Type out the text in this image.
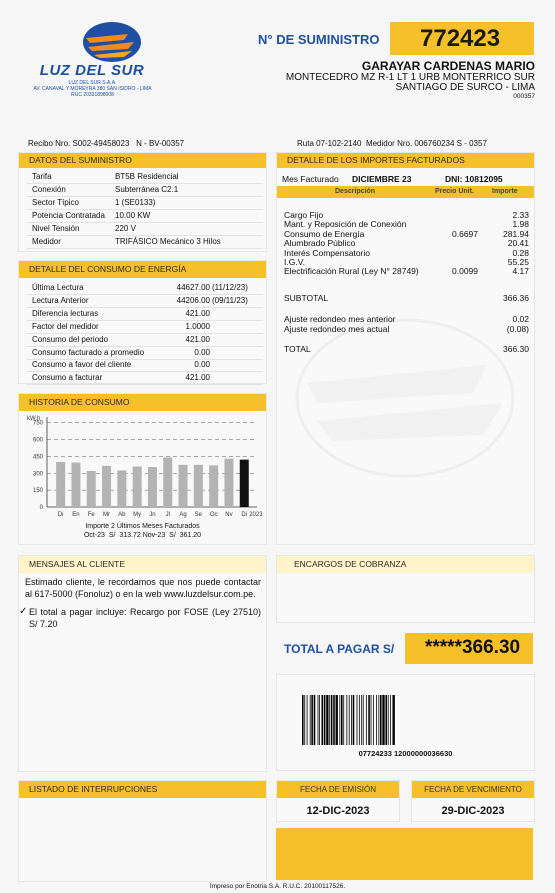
LUZ DEL SUR
LUZ DEL SUR S.A.A.
AV. CANAVAL Y MOREYRA 380 SAN ISIDRO - LIMA
RUC 20331898008
N° DE SUMINISTRO 772423
GARAYAR CARDENAS MARIO
MONTECEDRO MZ R-1 LT 1 URB MONTERRICO SUR
SANTIAGO DE SURCO - LIMA
000357
Recibo Nro. S002-49458023   N - BV-00357	Ruta 07-102-2140  Medidor Nro. 006760234 S - 0357
DATOS DEL SUMINISTRO
Tarifa	BT5B Residencial
Conexión	Subterránea C2.1
Sector Típico	1 (SE0133)
Potencia Contratada 10.00 KW
Nivel Tensión	220 V
Medidor	TRIFÁSICO Mecánico 3 Hilos
DETALLE DEL CONSUMO DE ENERGÍA
Última Lectura	44627.00 (11/12/23)
Lectura Anterior	44206.00 (09/11/23)
Diferencia lecturas	421.00
Factor del medidor	1.0000
Consumo del periodo	421.00
Consumo facturado a promedio	0.00
Consumo a favor del cliente	0.00
Consumo a facturar	421.00
HISTORIA DE CONSUMO
kW.h
0
150
300
450
600
750
Di En Fe Mr Ab My Jn Jl Ag Se Oc Nv Di 2023
Importe 2 Últimos Meses Facturados
Oct-23  S/  313.72 Nov-23  S/  361.20
DETALLE DE LOS IMPORTES FACTURADOS
Mes Facturado DICIEMBRE 23	DNI: 10812095
Descripción	Precio Unit.	Importe
Cargo Fijo	2.33
Mant. y Reposición de Conexión	1.98
Consumo de Energía	0.6697	281.94
Alumbrado Público	20.41
Interés Compensatorio	0.28
I.G.V.	55.25
Electrificación Rural (Ley N° 28749)	0.0099	4.17
SUBTOTAL	366.36
Ajuste redondeo mes anterior	0.02
Ajuste redondeo mes actual	(0.08)
TOTAL	366.30
MENSAJES AL CLIENTE
Estimado cliente, le recordamos que nos puede contactar al 617-5000 (Fonoluz) o en la web www.luzdelsur.com.pe.
✓ El total a pagar incluye: Recargo por FOSE (Ley 27510) S/ 7.20
ENCARGOS DE COBRANZA
TOTAL A PAGAR S/ *****366.30
07724233 12000000036630
LISTADO DE INTERRUPCIONES	FECHA DE EMISIÓN
12-DIC-2023
FECHA DE VENCIMIENTO
29-DIC-2023
Impreso por Enotria S.A. R.U.C. 20100117526.
